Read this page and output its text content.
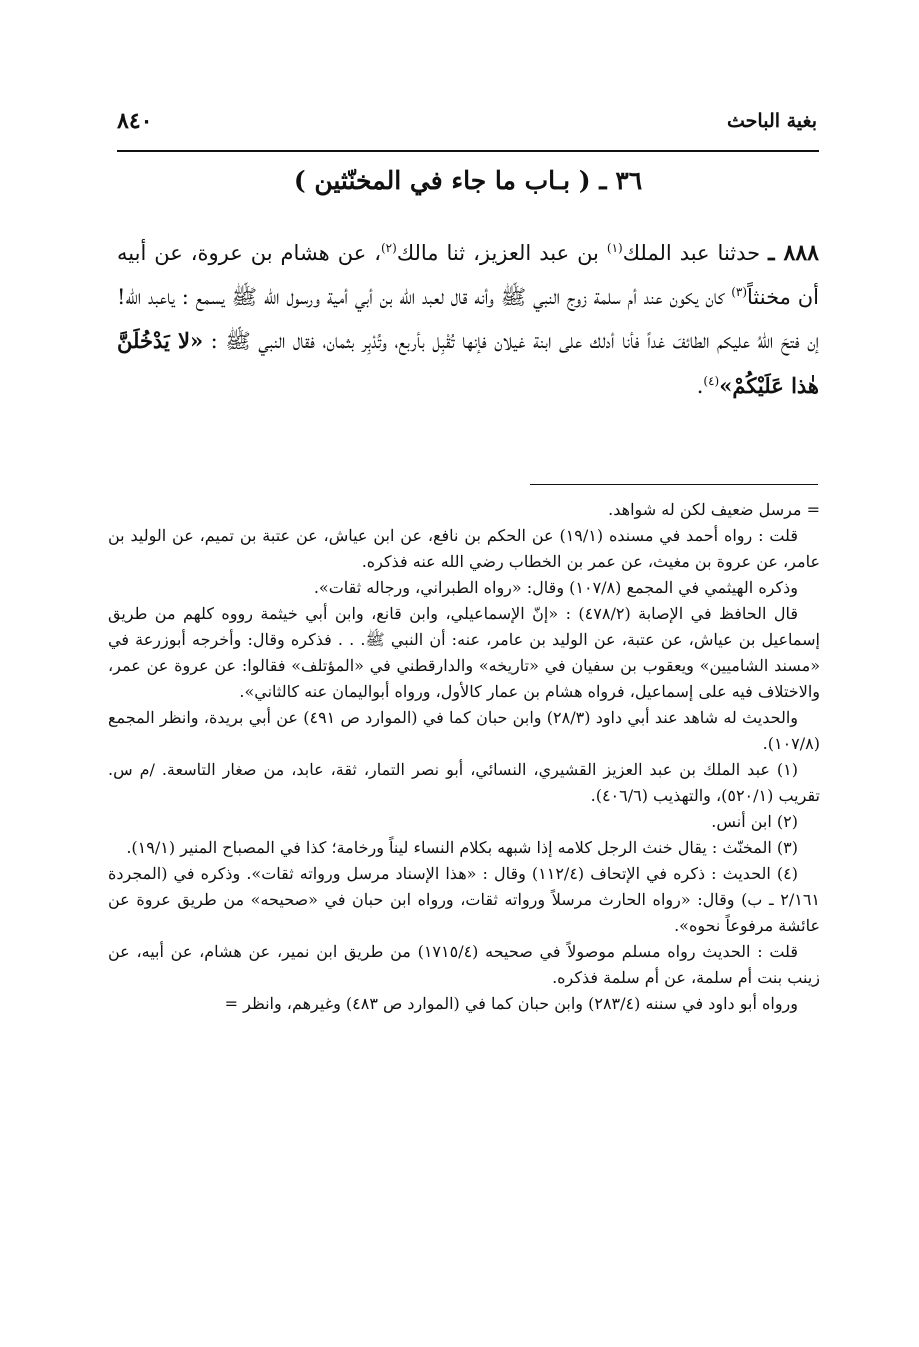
٨٤٠	بغية الباحث
٣٦ ـ ( بـاب ما جاء في المخنّثين )
٨٨٨ ـ حدثنا عبد الملك$^{(١)}$ بن عبد العزيز، ثنا مالك$^{(٢)}$، عن هشام بن عروة، عن أبيه أن مخنثاً$^{(٣)}$ كان يكون عند أم سلمة زوج النبي ﷺ وأنه قال لعبد الله بن أبي أمية ورسول الله ﷺ يسمع : ياعبد الله! إن فتحَ اللهُ عليكم الطائفَ غداً فأنا أدلك على ابنة غيلان فإنها تُقْبِل بأربع، وتُدْبِر بثمان، فقال النبي ﷺ : «لا يَدْخُلَنَّ هٰذا عَلَيْكُمْ»$^{(٤)}$.

= مرسل ضعيف لكن له شواهد.

قلت : رواه أحمد في مسنده (١٩/١) عن الحكم بن نافع، عن ابن عياش، عن عتبة بن تميم، عن الوليد بن عامر، عن عروة بن مغيث، عن عمر بن الخطاب رضي الله عنه فذكره.

وذكره الهيثمي في المجمع (١٠٧/٨) وقال: «رواه الطبراني، ورجاله ثقات».

قال الحافظ في الإصابة (٤٧٨/٢) : «إنّ الإسماعيلي، وابن قانع، وابن أبي خيثمة رووه كلهم من طريق إسماعيل بن عياش، عن عتبة، عن الوليد بن عامر، عنه: أن النبي ﷺ. . . فذكره وقال: وأخرجه أبوزرعة في «مسند الشاميين» ويعقوب بن سفيان في «تاريخه» والدارقطني في «المؤتلف» فقالوا: عن عروة عن عمر، والاختلاف فيه على إسماعيل، فرواه هشام بن عمار كالأول، ورواه أبواليمان عنه كالثاني».

والحديث له شاهد عند أبي داود (٢٨/٣) وابن حبان كما في (الموارد ص ٤٩١) عن أبي بريدة، وانظر المجمع (١٠٧/٨).

(١) عبد الملك بن عبد العزيز القشيري، النسائي، أبو نصر التمار، ثقة، عابد، من صغار التاسعة. /م س. تقريب (٥٢٠/١)، والتهذيب (٤٠٦/٦).

(٢) ابن أنس.

(٣) المخنّث : يقال خنث الرجل كلامه إذا شبهه بكلام النساء ليناً ورخامة؛ كذا في المصباح المنير (١٩/١).

(٤) الحديث : ذكره في الإتحاف (١١٢/٤) وقال : «هذا الإسناد مرسل ورواته ثقات». وذكره في (المجردة ٢/١٦١ ـ ب) وقال: «رواه الحارث مرسلاً ورواته ثقات، ورواه ابن حبان في «صحيحه» من طريق عروة عن عائشة مرفوعاً نحوه».

قلت : الحديث رواه مسلم موصولاً في صحيحه (١٧١٥/٤) من طريق ابن نمير، عن هشام، عن أبيه، عن زينب بنت أم سلمة، عن أم سلمة فذكره.

ورواه أبو داود في سننه (٢٨٣/٤) وابن حبان كما في (الموارد ص ٤٨٣) وغيرهم، وانظر =
